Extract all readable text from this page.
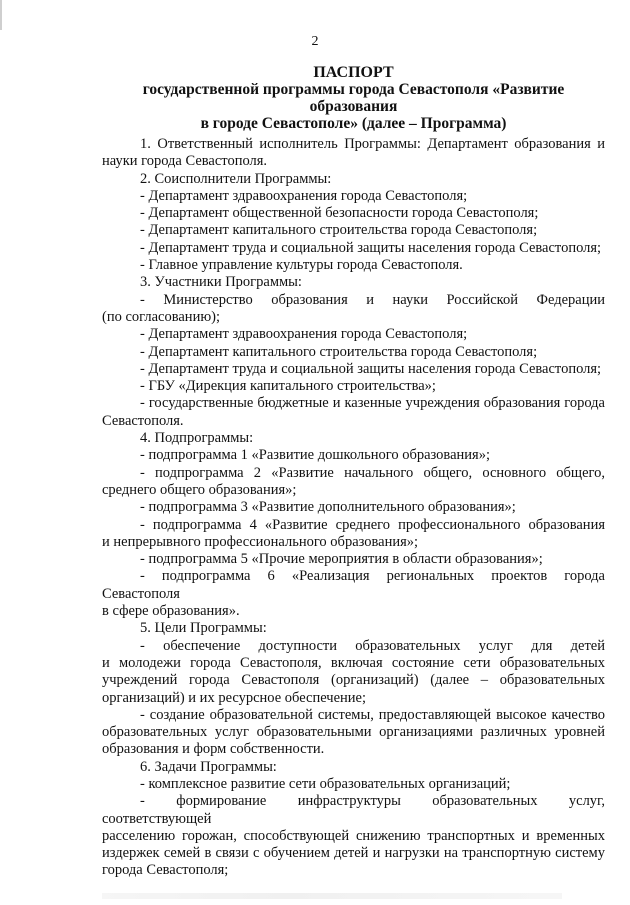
2
ПАСПОРТ
государственной программы города Севастополя «Развитие образования
в городе Севастополе» (далее – Программа)

1. Ответственный исполнитель Программы: Департамент образования и

науки города Севастополя.

2. Соисполнители Программы:

- Департамент здравоохранения города Севастополя;

- Департамент общественной безопасности города Севастополя;

- Департамент капитального строительства города Севастополя;

- Департамент труда и социальной защиты населения города Севастополя;

- Главное управление культуры города Севастополя.

3. Участники Программы:

- Министерство образования и науки Российской Федерации

(по согласованию);

- Департамент здравоохранения города Севастополя;

- Департамент капитального строительства города Севастополя;

- Департамент труда и социальной защиты населения города Севастополя;

- ГБУ «Дирекция капитального строительства»;

- государственные бюджетные и казенные учреждения образования города

Севастополя.

4. Подпрограммы:

- подпрограмма 1 «Развитие дошкольного образования»;

- подпрограмма 2 «Развитие начального общего, основного общего,

среднего общего образования»;

- подпрограмма 3 «Развитие дополнительного образования»;

- подпрограмма 4 «Развитие среднего профессионального образования

и непрерывного профессионального образования»;

- подпрограмма 5 «Прочие мероприятия в области образования»;

- подпрограмма 6 «Реализация региональных проектов города Севастополя

в сфере образования».

5. Цели Программы:

- обеспечение доступности образовательных услуг для детей

и молодежи города Севастополя, включая состояние сети образовательных

учреждений города Севастополя (организаций) (далее – образовательных

организаций) и их ресурсное обеспечение;

- создание образовательной системы, предоставляющей высокое качество

образовательных услуг образовательными организациями различных уровней

образования и форм собственности.

6. Задачи Программы:

- комплексное развитие сети образовательных организаций;

- формирование инфраструктуры образовательных услуг, соответствующей

расселению горожан, способствующей снижению транспортных и временных

издержек семей в связи с обучением детей и нагрузки на транспортную систему

города Севастополя;
